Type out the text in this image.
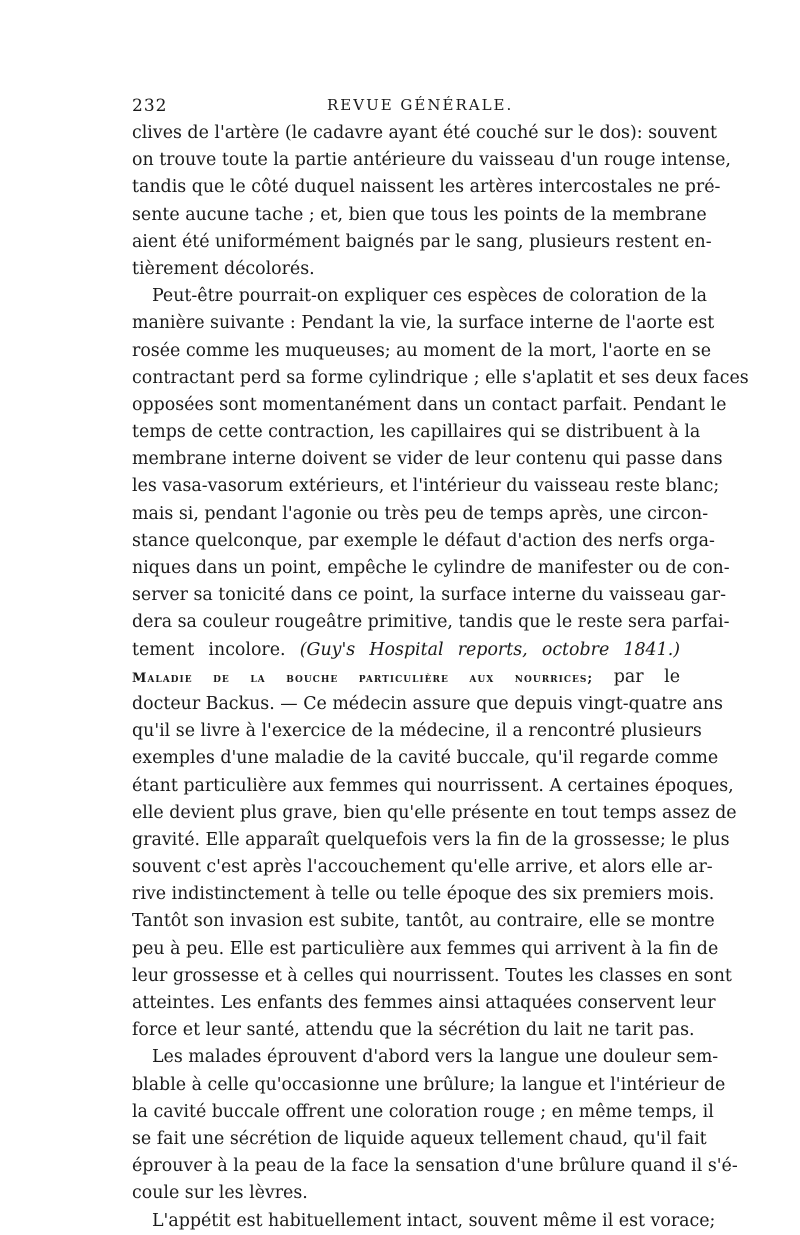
232	REVUE GÉNÉRALE.
clives de l'artère (le cadavre ayant été couché sur le dos): souvent
on trouve toute la partie antérieure du vaisseau d'un rouge intense,
tandis que le côté duquel naissent les artères intercostales ne pré-
sente aucune tache ; et, bien que tous les points de la membrane
aient été uniformément baignés par le sang, plusieurs restent en-
tièrement décolorés.
Peut-être pourrait-on expliquer ces espèces de coloration de la
manière suivante : Pendant la vie, la surface interne de l'aorte est
rosée comme les muqueuses; au moment de la mort, l'aorte en se
contractant perd sa forme cylindrique ; elle s'aplatit et ses deux faces
opposées sont momentanément dans un contact parfait. Pendant le
temps de cette contraction, les capillaires qui se distribuent à la
membrane interne doivent se vider de leur contenu qui passe dans
les vasa-vasorum extérieurs, et l'intérieur du vaisseau reste blanc;
mais si, pendant l'agonie ou très peu de temps après, une circon-
stance quelconque, par exemple le défaut d'action des nerfs orga-
niques dans un point, empêche le cylindre de manifester ou de con-
server sa tonicité dans ce point, la surface interne du vaisseau gar-
dera sa couleur rougeâtre primitive, tandis que le reste sera parfai-
tement incolore. (Guy's Hospital reports, octobre 1841.)
Maladie de la bouche particulière aux nourrices; par le
docteur Backus. — Ce médecin assure que depuis vingt-quatre ans
qu'il se livre à l'exercice de la médecine, il a rencontré plusieurs
exemples d'une maladie de la cavité buccale, qu'il regarde comme
étant particulière aux femmes qui nourrissent. A certaines époques,
elle devient plus grave, bien qu'elle présente en tout temps assez de
gravité. Elle apparaît quelquefois vers la fin de la grossesse; le plus
souvent c'est après l'accouchement qu'elle arrive, et alors elle ar-
rive indistinctement à telle ou telle époque des six premiers mois.
Tantôt son invasion est subite, tantôt, au contraire, elle se montre
peu à peu. Elle est particulière aux femmes qui arrivent à la fin de
leur grossesse et à celles qui nourrissent. Toutes les classes en sont
atteintes. Les enfants des femmes ainsi attaquées conservent leur
force et leur santé, attendu que la sécrétion du lait ne tarit pas.
Les malades éprouvent d'abord vers la langue une douleur sem-
blable à celle qu'occasionne une brûlure; la langue et l'intérieur de
la cavité buccale offrent une coloration rouge ; en même temps, il
se fait une sécrétion de liquide aqueux tellement chaud, qu'il fait
éprouver à la peau de la face la sensation d'une brûlure quand il s'é-
coule sur les lèvres.
L'appétit est habituellement intact, souvent même il est vorace;
